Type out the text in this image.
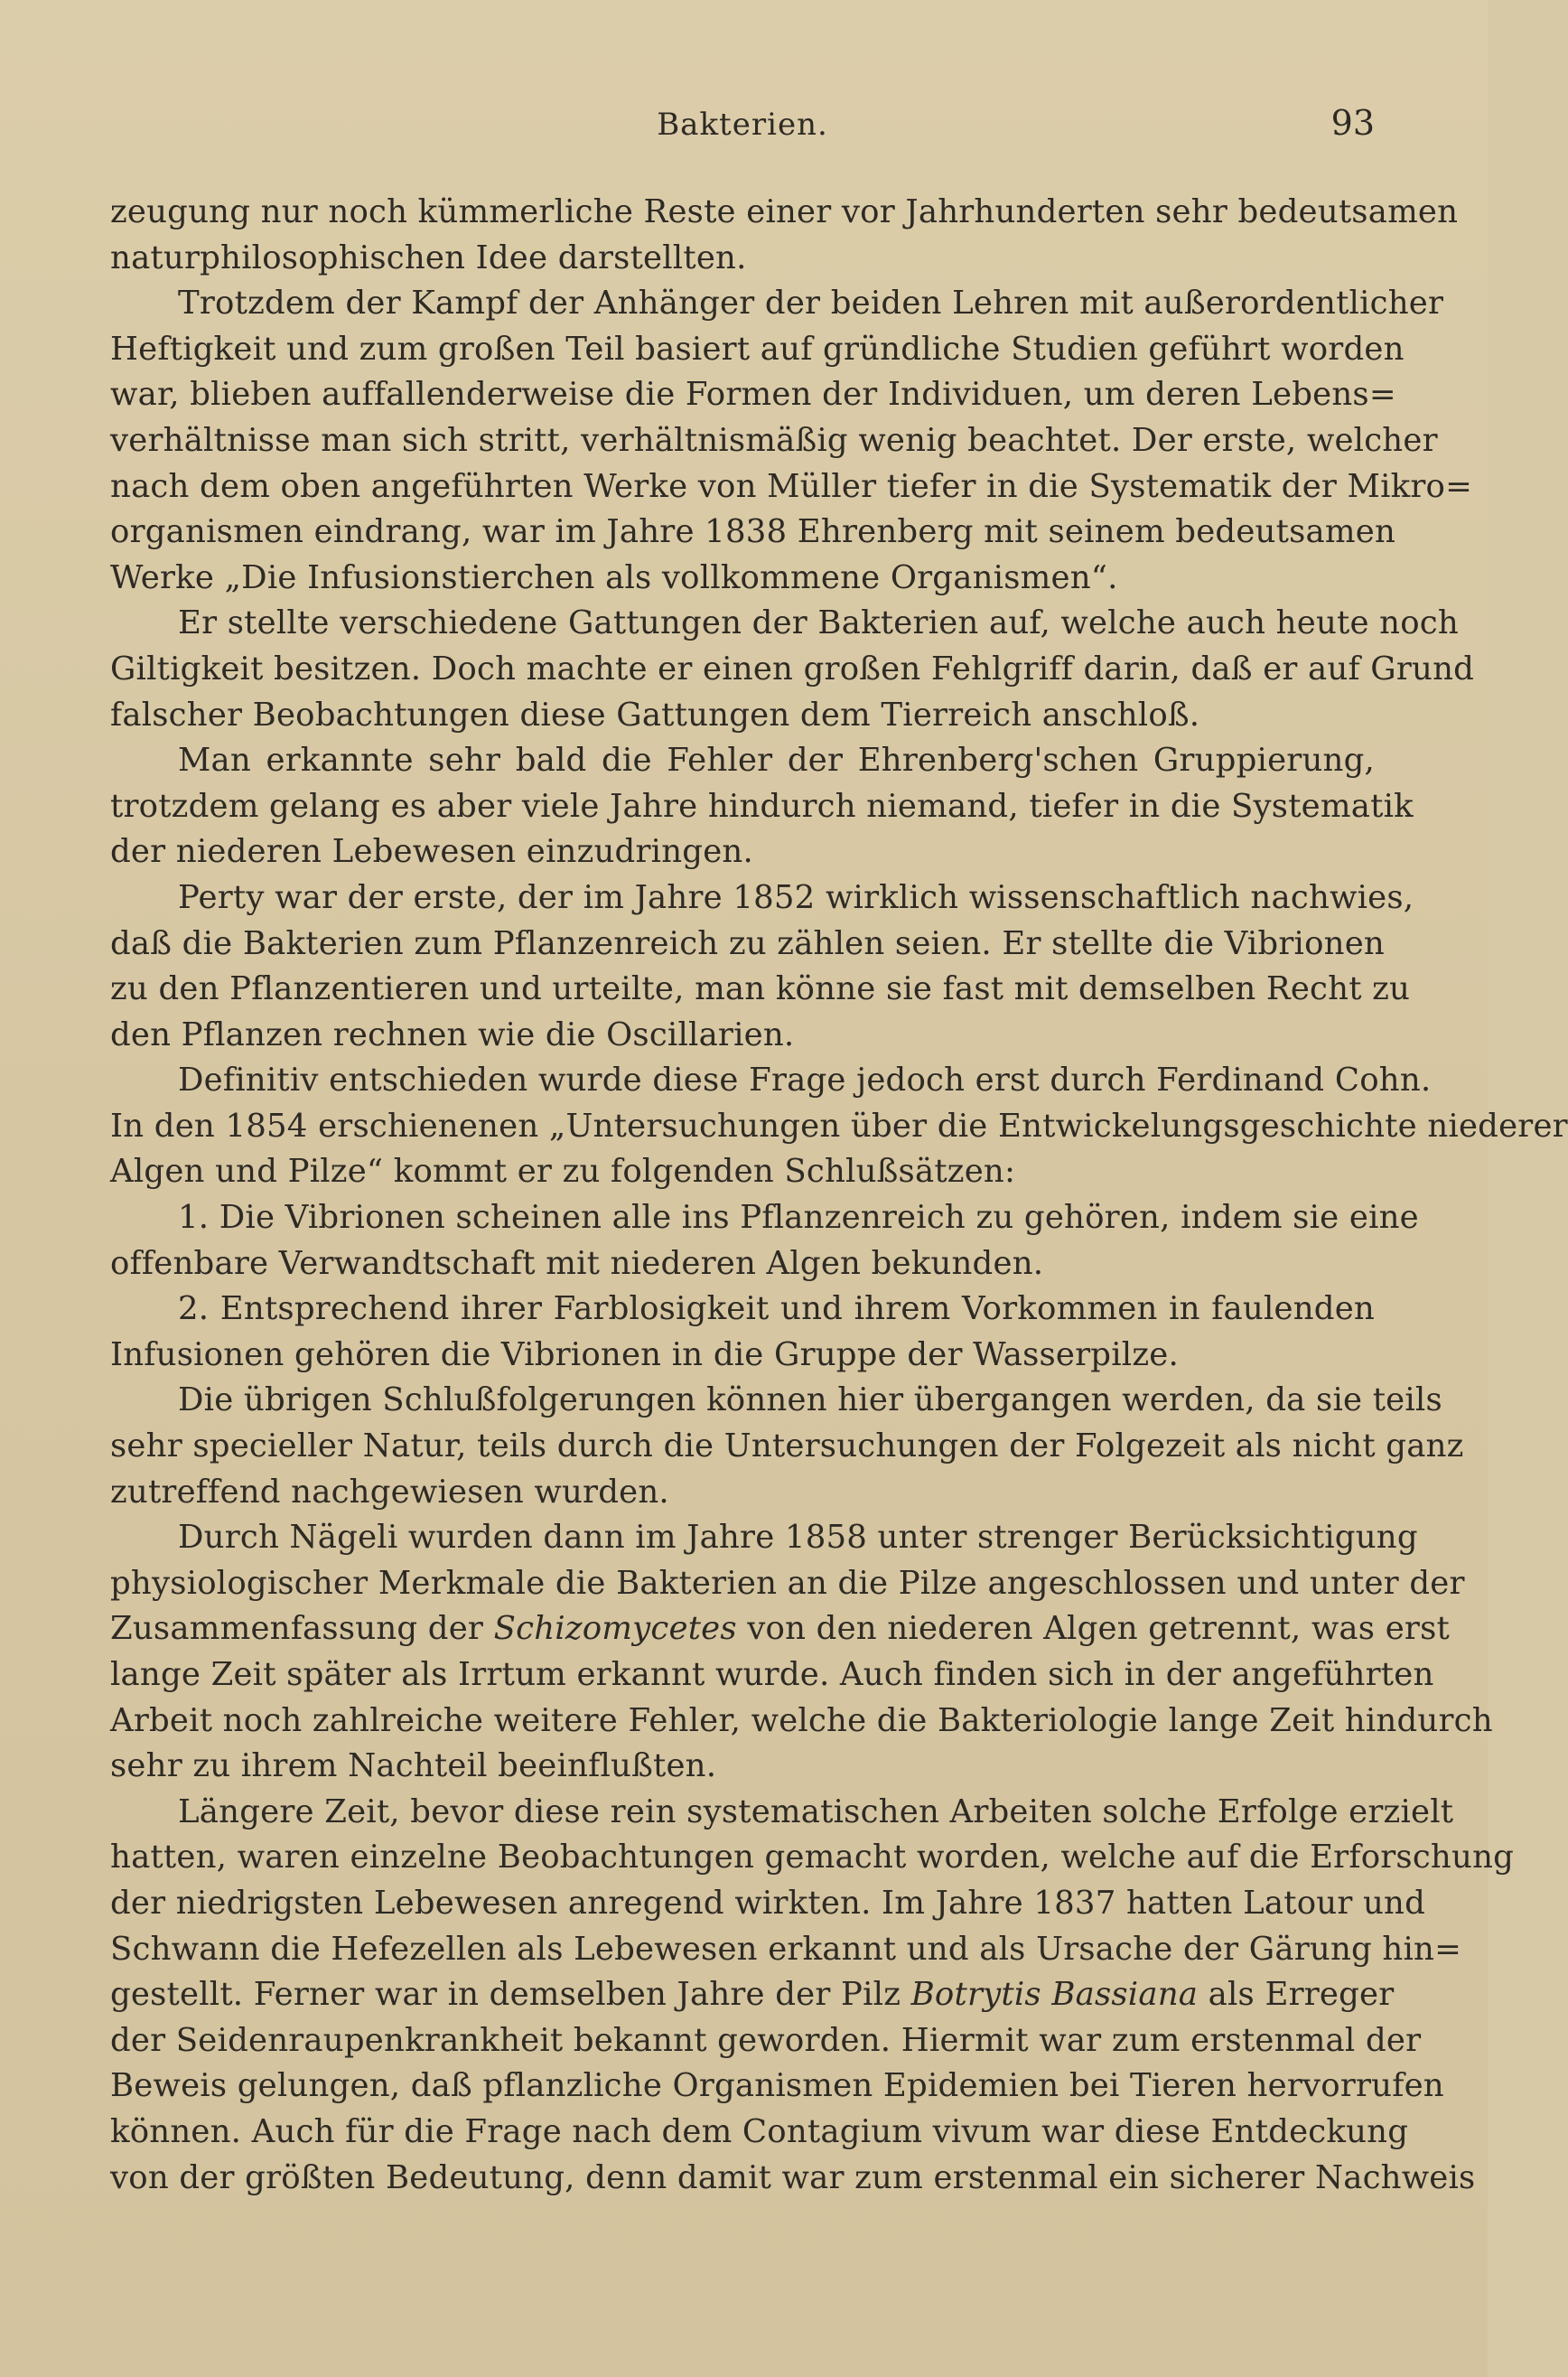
Bakterien.	93
zeugung nur noch kümmerliche Reste einer vor Jahrhunderten sehr bedeutsamen
naturphilosophischen Idee darstellten.
Trotzdem der Kampf der Anhänger der beiden Lehren mit außerordentlicher
Heftigkeit und zum großen Teil basiert auf gründliche Studien geführt worden
war, blieben auffallenderweise die Formen der Individuen, um deren Lebens=
verhältnisse man sich stritt, verhältnismäßig wenig beachtet. Der erste, welcher
nach dem oben angeführten Werke von Müller tiefer in die Systematik der Mikro=
organismen eindrang, war im Jahre 1838 Ehrenberg mit seinem bedeutsamen
Werke „Die Infusionstierchen als vollkommene Organismen“.
Er stellte verschiedene Gattungen der Bakterien auf, welche auch heute noch
Giltigkeit besitzen. Doch machte er einen großen Fehlgriff darin, daß er auf Grund
falscher Beobachtungen diese Gattungen dem Tierreich anschloß.
Man erkannte sehr bald die Fehler der Ehrenberg'schen Gruppierung,
trotzdem gelang es aber viele Jahre hindurch niemand, tiefer in die Systematik
der niederen Lebewesen einzudringen.
Perty war der erste, der im Jahre 1852 wirklich wissenschaftlich nachwies,
daß die Bakterien zum Pflanzenreich zu zählen seien. Er stellte die Vibrionen
zu den Pflanzentieren und urteilte, man könne sie fast mit demselben Recht zu
den Pflanzen rechnen wie die Oscillarien.
Definitiv entschieden wurde diese Frage jedoch erst durch Ferdinand Cohn.
In den 1854 erschienenen „Untersuchungen über die Entwickelungsgeschichte niederer
Algen und Pilze“ kommt er zu folgenden Schlußsätzen:
1. Die Vibrionen scheinen alle ins Pflanzenreich zu gehören, indem sie eine
offenbare Verwandtschaft mit niederen Algen bekunden.
2. Entsprechend ihrer Farblosigkeit und ihrem Vorkommen in faulenden
Infusionen gehören die Vibrionen in die Gruppe der Wasserpilze.
Die übrigen Schlußfolgerungen können hier übergangen werden, da sie teils
sehr specieller Natur, teils durch die Untersuchungen der Folgezeit als nicht ganz
zutreffend nachgewiesen wurden.
Durch Nägeli wurden dann im Jahre 1858 unter strenger Berücksichtigung
physiologischer Merkmale die Bakterien an die Pilze angeschlossen und unter der
Zusammenfassung der Schizomycetes von den niederen Algen getrennt, was erst
lange Zeit später als Irrtum erkannt wurde. Auch finden sich in der angeführten
Arbeit noch zahlreiche weitere Fehler, welche die Bakteriologie lange Zeit hindurch
sehr zu ihrem Nachteil beeinflußten.
Längere Zeit, bevor diese rein systematischen Arbeiten solche Erfolge erzielt
hatten, waren einzelne Beobachtungen gemacht worden, welche auf die Erforschung
der niedrigsten Lebewesen anregend wirkten. Im Jahre 1837 hatten Latour und
Schwann die Hefezellen als Lebewesen erkannt und als Ursache der Gärung hin=
gestellt. Ferner war in demselben Jahre der Pilz Botrytis Bassiana als Erreger
der Seidenraupenkrankheit bekannt geworden. Hiermit war zum erstenmal der
Beweis gelungen, daß pflanzliche Organismen Epidemien bei Tieren hervorrufen
können. Auch für die Frage nach dem Contagium vivum war diese Entdeckung
von der größten Bedeutung, denn damit war zum erstenmal ein sicherer Nachweis
